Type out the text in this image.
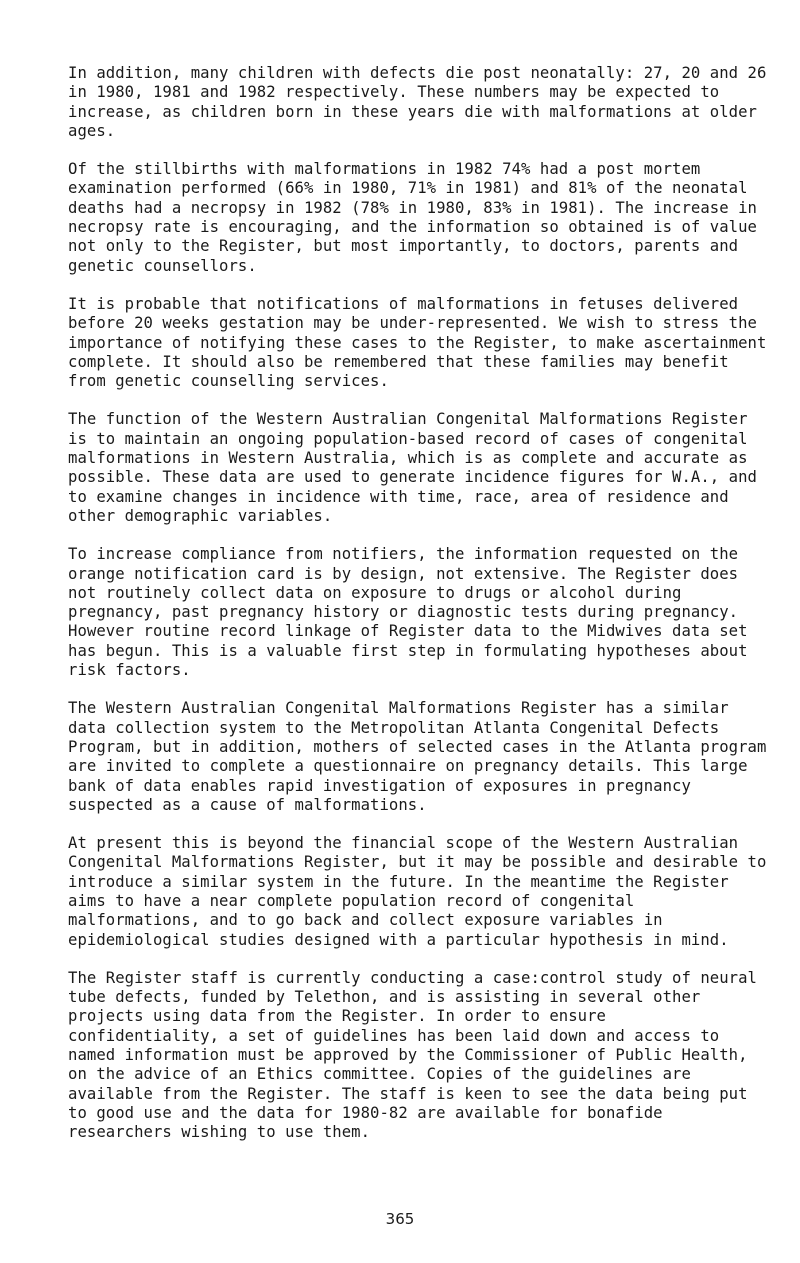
In addition, many children with defects die post neonatally: 27, 20 and 26
in 1980, 1981 and 1982 respectively. These numbers may be expected to
increase, as children born in these years die with malformations at older
ages.

Of the stillbirths with malformations in 1982 74% had a post mortem
examination performed (66% in 1980, 71% in 1981) and 81% of the neonatal
deaths had a necropsy in 1982 (78% in 1980, 83% in 1981). The increase in
necropsy rate is encouraging, and the information so obtained is of value
not only to the Register, but most importantly, to doctors, parents and
genetic counsellors.

It is probable that notifications of malformations in fetuses delivered
before 20 weeks gestation may be under-represented. We wish to stress the
importance of notifying these cases to the Register, to make ascertainment
complete. It should also be remembered that these families may benefit
from genetic counselling services.

The function of the Western Australian Congenital Malformations Register
is to maintain an ongoing population-based record of cases of congenital
malformations in Western Australia, which is as complete and accurate as
possible. These data are used to generate incidence figures for W.A., and
to examine changes in incidence with time, race, area of residence and
other demographic variables.

To increase compliance from notifiers, the information requested on the
orange notification card is by design, not extensive. The Register does
not routinely collect data on exposure to drugs or alcohol during
pregnancy, past pregnancy history or diagnostic tests during pregnancy.
However routine record linkage of Register data to the Midwives data set
has begun. This is a valuable first step in formulating hypotheses about
risk factors.

The Western Australian Congenital Malformations Register has a similar
data collection system to the Metropolitan Atlanta Congenital Defects
Program, but in addition, mothers of selected cases in the Atlanta program
are invited to complete a questionnaire on pregnancy details. This large
bank of data enables rapid investigation of exposures in pregnancy
suspected as a cause of malformations.

At present this is beyond the financial scope of the Western Australian
Congenital Malformations Register, but it may be possible and desirable to
introduce a similar system in the future. In the meantime the Register
aims to have a near complete population record of congenital
malformations, and to go back and collect exposure variables in
epidemiological studies designed with a particular hypothesis in mind.

The Register staff is currently conducting a case:control study of neural
tube defects, funded by Telethon, and is assisting in several other
projects using data from the Register. In order to ensure
confidentiality, a set of guidelines has been laid down and access to
named information must be approved by the Commissioner of Public Health,
on the advice of an Ethics committee. Copies of the guidelines are
available from the Register. The staff is keen to see the data being put
to good use and the data for 1980-82 are available for bonafide
researchers wishing to use them.

365
